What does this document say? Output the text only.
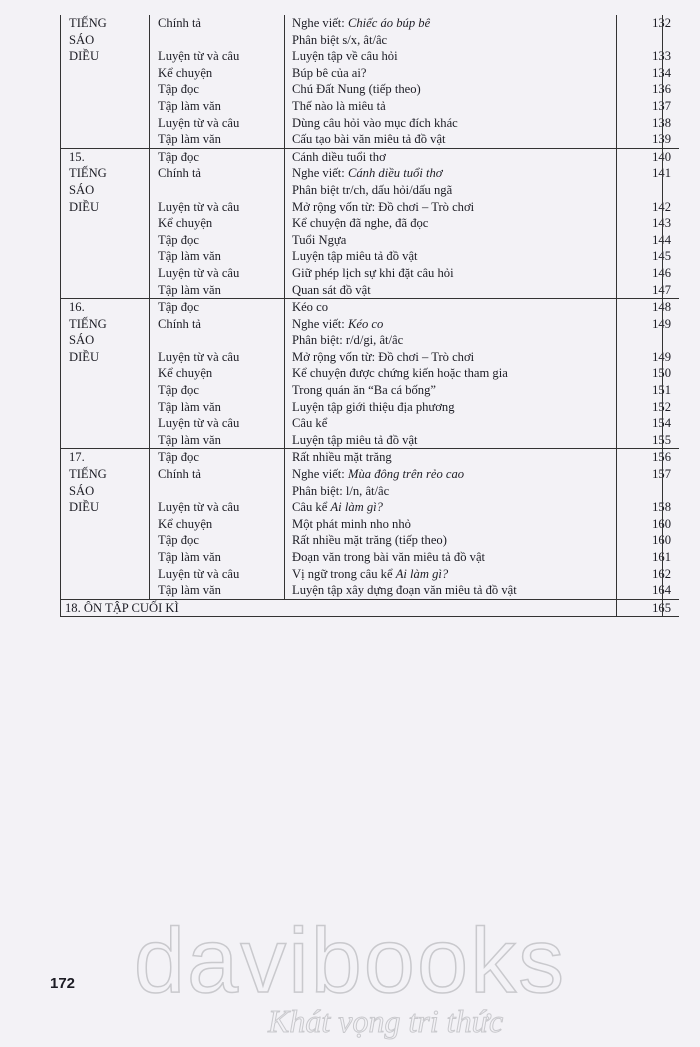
TIẾNG	Chính tả	Nghe viết: Chiếc áo búp bê	132

SÁO		Phân biệt s/x, ât/âc	

DIỀU	Luyện từ và câu	Luyện tập về câu hỏi	133
	Kể chuyện	Búp bê của ai?	134
	Tập đọc	Chú Đất Nung (tiếp theo)	136
	Tập làm văn	Thế nào là miêu tả	137
	Luyện từ và câu	Dùng câu hỏi vào mục đích khác	138
	Tập làm văn	Cấu tạo bài văn miêu tả đồ vật	139

15.	Tập đọc	Cánh diều tuổi thơ	140

TIẾNG	Chính tả	Nghe viết: Cánh diều tuổi thơ	141

SÁO		Phân biệt tr/ch, dấu hỏi/dấu ngã	

DIỀU	Luyện từ và câu	Mở rộng vốn từ: Đồ chơi – Trò chơi	142
	Kể chuyện	Kể chuyện đã nghe, đã đọc	143
	Tập đọc	Tuổi Ngựa	144
	Tập làm văn	Luyện tập miêu tả đồ vật	145
	Luyện từ và câu	Giữ phép lịch sự khi đặt câu hỏi	146
	Tập làm văn	Quan sát đồ vật	147

16.	Tập đọc	Kéo co	148

TIẾNG	Chính tả	Nghe viết: Kéo co	149

SÁO		Phân biệt: r/d/gi, ât/âc	

DIỀU	Luyện từ và câu	Mở rộng vốn từ: Đồ chơi – Trò chơi	149
	Kể chuyện	Kể chuyện được chứng kiến hoặc tham gia	150
	Tập đọc	Trong quán ăn “Ba cá bống”	151
	Tập làm văn	Luyện tập giới thiệu địa phương	152
	Luyện từ và câu	Câu kể	154
	Tập làm văn	Luyện tập miêu tả đồ vật	155

17.	Tập đọc	Rất nhiều mặt trăng	156

TIẾNG	Chính tả	Nghe viết: Mùa đông trên rẻo cao	157

SÁO		Phân biệt: l/n, ât/âc	

DIỀU	Luyện từ và câu	Câu kể Ai làm gì?	158
	Kể chuyện	Một phát minh nho nhỏ	160
	Tập đọc	Rất nhiều mặt trăng (tiếp theo)	160
	Tập làm văn	Đoạn văn trong bài văn miêu tả đồ vật	161
	Luyện từ và câu	Vị ngữ trong câu kể Ai làm gì?	162
	Tập làm văn	Luyện tập xây dựng đoạn văn miêu tả đồ vật	164
18. ÔN TẬP CUỐI KÌ			165
172 davibooks
Khát vọng tri thức
